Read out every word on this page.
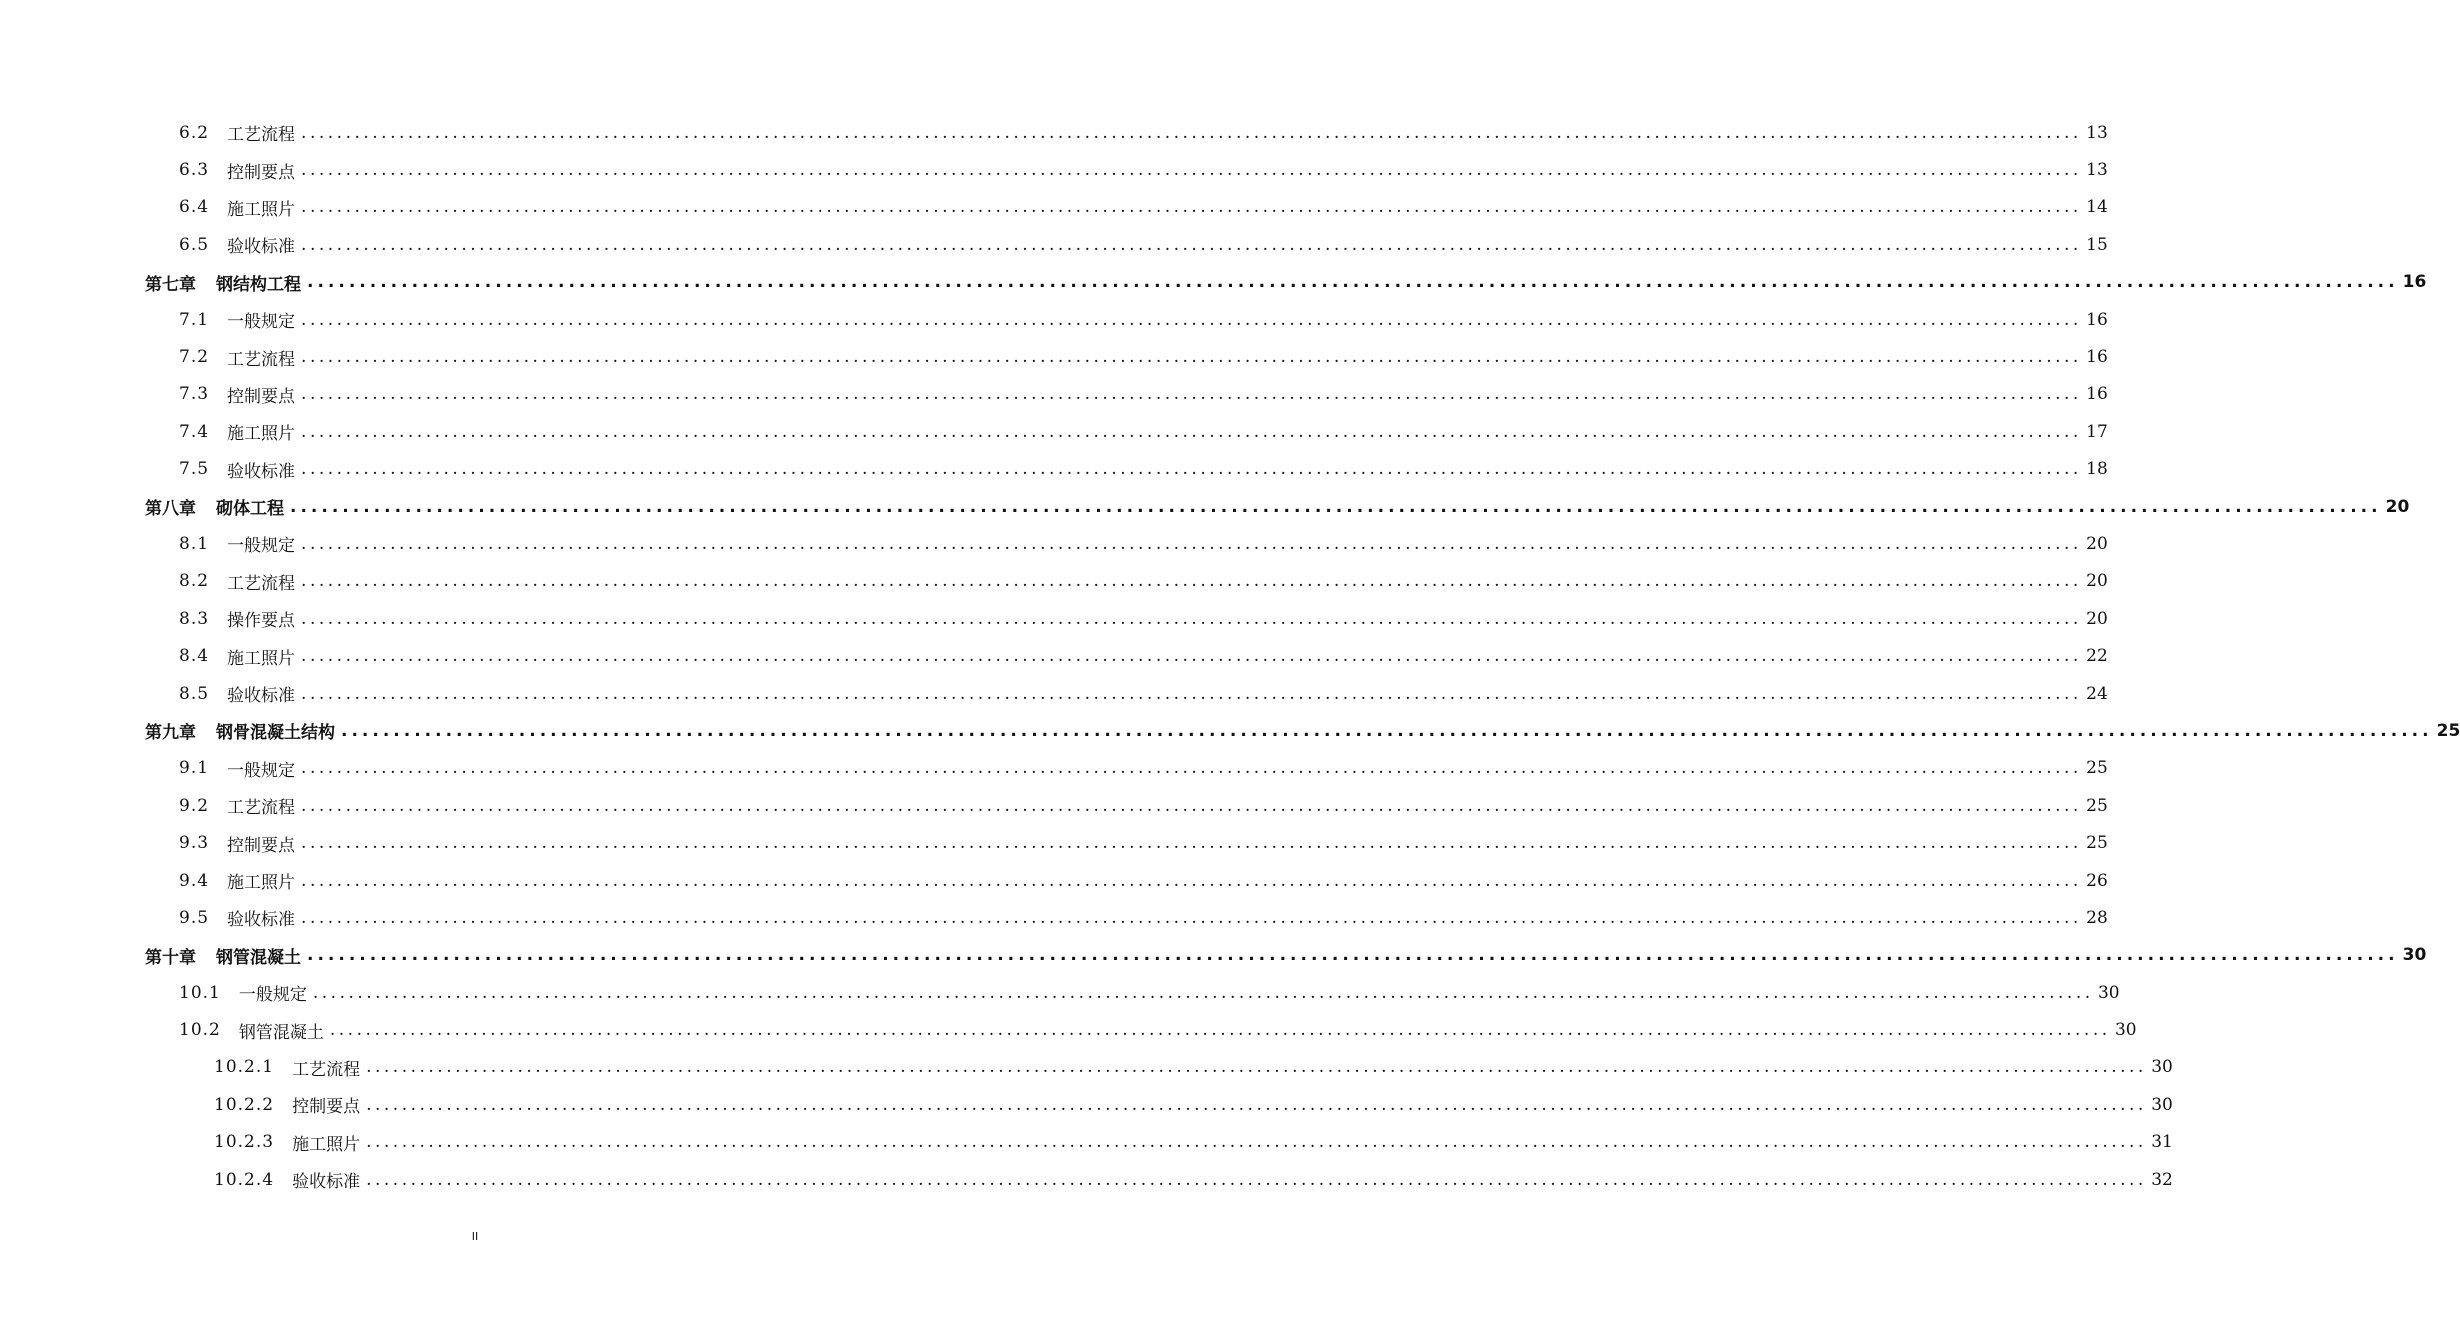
6.2 工艺流程 ........................................................................................................................................................................................................ 13
6.3 控制要点 ........................................................................................................................................................................................................ 13
6.4 施工照片 ........................................................................................................................................................................................................ 14
6.5 验收标准 ........................................................................................................................................................................................................ 15
第七章 钢结构工程 ........................................................................................................................................................................................................ 16
7.1 一般规定 ........................................................................................................................................................................................................ 16
7.2 工艺流程 ........................................................................................................................................................................................................ 16
7.3 控制要点 ........................................................................................................................................................................................................ 16
7.4 施工照片 ........................................................................................................................................................................................................ 17
7.5 验收标准 ........................................................................................................................................................................................................ 18
第八章 砌体工程 ........................................................................................................................................................................................................ 20
8.1 一般规定 ........................................................................................................................................................................................................ 20
8.2 工艺流程 ........................................................................................................................................................................................................ 20
8.3 操作要点 ........................................................................................................................................................................................................ 20
8.4 施工照片 ........................................................................................................................................................................................................ 22
8.5 验收标准 ........................................................................................................................................................................................................ 24
第九章 钢骨混凝土结构 ........................................................................................................................................................................................................ 25
9.1 一般规定 ........................................................................................................................................................................................................ 25
9.2 工艺流程 ........................................................................................................................................................................................................ 25
9.3 控制要点 ........................................................................................................................................................................................................ 25
9.4 施工照片 ........................................................................................................................................................................................................ 26
9.5 验收标准 ........................................................................................................................................................................................................ 28
第十章 钢管混凝土 ........................................................................................................................................................................................................ 30
10.1 一般规定 ........................................................................................................................................................................................................ 30
10.2 钢管混凝土 ........................................................................................................................................................................................................ 30
10.2.1 工艺流程 ........................................................................................................................................................................................................ 30
10.2.2 控制要点 ........................................................................................................................................................................................................ 30
10.2.3 施工照片 ........................................................................................................................................................................................................ 31
10.2.4 验收标准 ........................................................................................................................................................................................................ 32
II
